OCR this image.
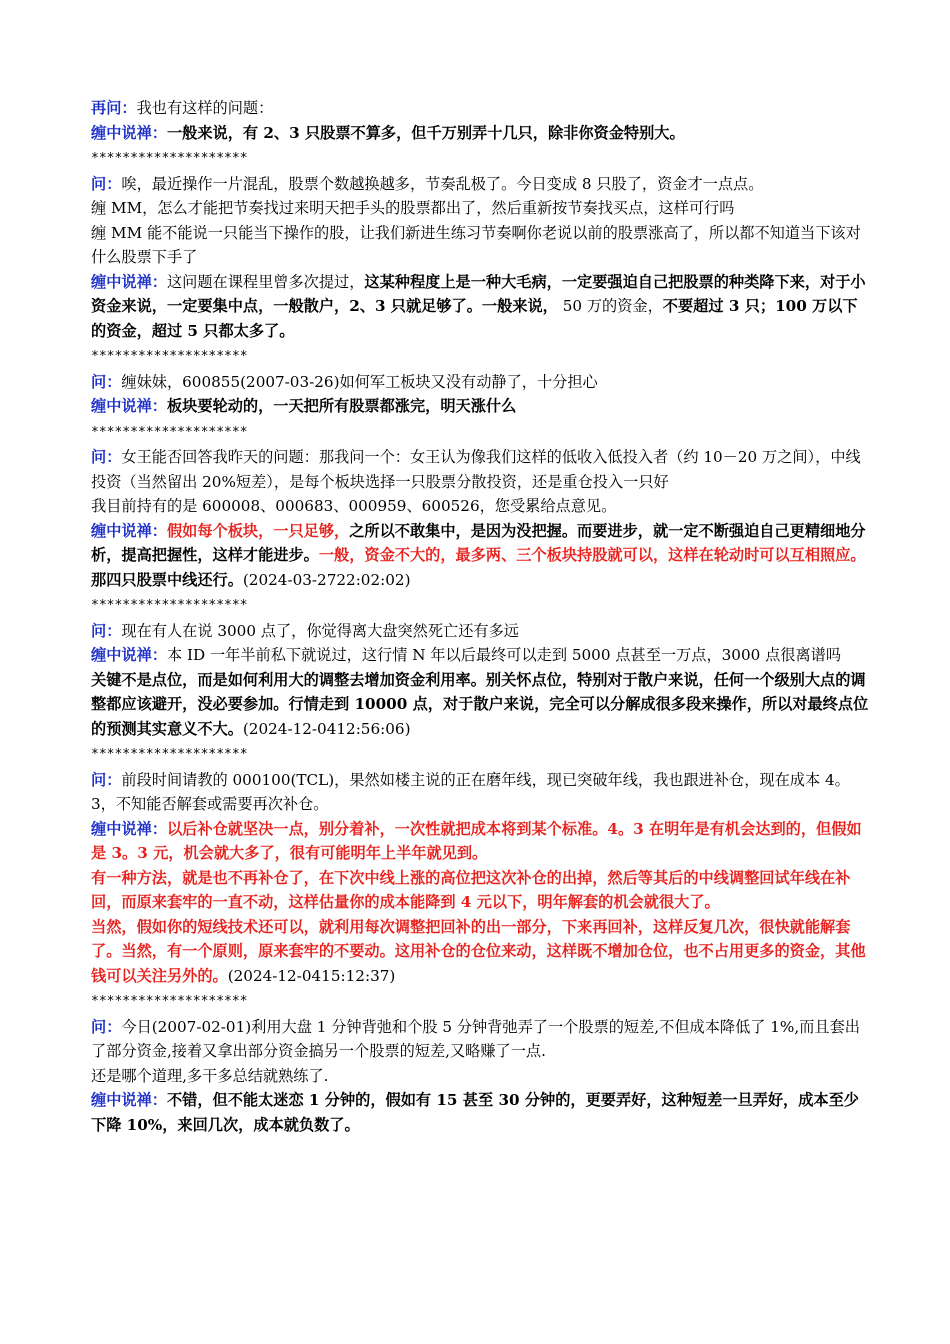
再问：我也有这样的问题：
缠中说禅：一般来说，有 2、3 只股票不算多，但千万别弄十几只，除非你资金特别大。
********************
问：唉，最近操作一片混乱，股票个数越换越多，节奏乱极了。今日变成 8 只股了，资金才一点点。
缠 MM，怎么才能把节奏找过来明天把手头的股票都出了，然后重新按节奏找买点，这样可行吗
缠 MM 能不能说一只能当下操作的股，让我们新进生练习节奏啊你老说以前的股票涨高了，所以都不知道当下该对什么股票下手了
缠中说禅：这问题在课程里曾多次提过，这某种程度上是一种大毛病，一定要强迫自己把股票的种类降下来，对于小资金来说，一定要集中点，一般散户，2、3 只就足够了。一般来说， 50 万的资金，不要超过 3 只；100 万以下的资金，超过 5 只都太多了。
********************
问：缠妹妹，600855(2007-03-26)如何军工板块又没有动静了，十分担心
缠中说禅：板块要轮动的，一天把所有股票都涨完，明天涨什么
********************
问：女王能否回答我昨天的问题：那我问一个：女王认为像我们这样的低收入低投入者（约 10－20 万之间），中线投资（当然留出 20%短差），是每个板块选择一只股票分散投资，还是重仓投入一只好
我目前持有的是 600008、000683、000959、600526，您受累给点意见。
缠中说禅：假如每个板块，一只足够，之所以不敢集中，是因为没把握。而要进步，就一定不断强迫自己更精细地分析，提高把握性，这样才能进步。一般，资金不大的，最多两、三个板块持股就可以，这样在轮动时可以互相照应。
那四只股票中线还行。(2024-03-2722:02:02)
********************
问：现在有人在说 3000 点了，你觉得离大盘突然死亡还有多远
缠中说禅：本 ID 一年半前私下就说过，这行情 N 年以后最终可以走到 5000 点甚至一万点，3000 点很离谱吗
关键不是点位，而是如何利用大的调整去增加资金利用率。别关怀点位，特别对于散户来说，任何一个级别大点的调整都应该避开，没必要参加。行情走到 10000 点，对于散户来说，完全可以分解成很多段来操作，所以对最终点位的预测其实意义不大。(2024-12-0412:56:06)
********************
问：前段时间请教的 000100(TCL)，果然如楼主说的正在磨年线，现已突破年线，我也跟进补仓，现在成本 4。3，不知能否解套或需要再次补仓。
缠中说禅：以后补仓就坚决一点，别分着补，一次性就把成本将到某个标准。4。3 在明年是有机会达到的，但假如是 3。3 元，机会就大多了，很有可能明年上半年就见到。
有一种方法，就是也不再补仓了，在下次中线上涨的高位把这次补仓的出掉，然后等其后的中线调整回试年线在补回，而原来套牢的一直不动，这样估量你的成本能降到 4 元以下，明年解套的机会就很大了。
当然，假如你的短线技术还可以，就利用每次调整把回补的出一部分，下来再回补，这样反复几次，很快就能解套了。当然，有一个原则，原来套牢的不要动。这用补仓的仓位来动，这样既不增加仓位，也不占用更多的资金，其他钱可以关注另外的。(2024-12-0415:12:37)
********************
问：今日(2007-02-01)利用大盘 1 分钟背弛和个股 5 分钟背弛弄了一个股票的短差,不但成本降低了 1%,而且套出了部分资金,接着又拿出部分资金搞另一个股票的短差,又略赚了一点.
还是哪个道理,多干多总结就熟练了.
缠中说禅：不错，但不能太迷恋 1 分钟的，假如有 15 甚至 30 分钟的，更要弄好，这种短差一旦弄好，成本至少下降 10%，来回几次，成本就负数了。
